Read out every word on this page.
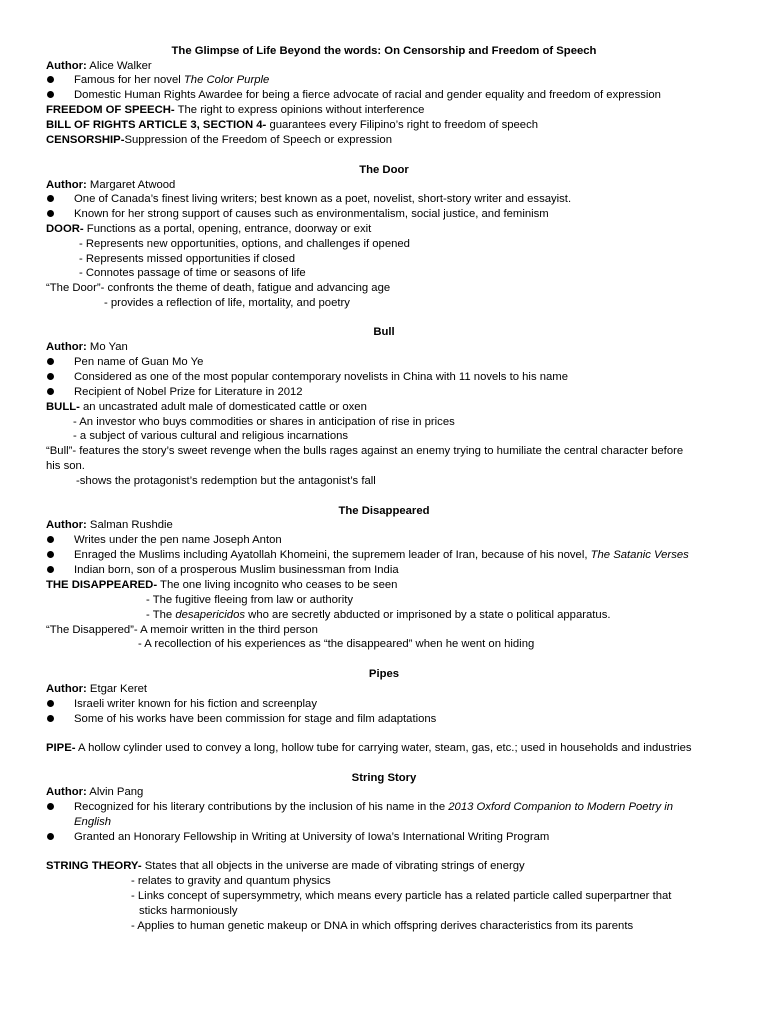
The Glimpse of Life Beyond the words: On Censorship and Freedom of Speech
Author: Alice Walker
Famous for her novel The Color Purple
Domestic Human Rights Awardee for being a fierce advocate of racial and gender equality and freedom of expression
FREEDOM OF SPEECH- The right to express opinions without interference
BILL OF RIGHTS ARTICLE 3, SECTION 4- guarantees every Filipino’s right to freedom of speech
CENSORSHIP-Suppression of the Freedom of Speech or expression
The Door
Author: Margaret Atwood
One of Canada’s finest living writers; best known as a poet, novelist, short-story writer and essayist.
Known for her strong support of causes such as environmentalism, social justice, and feminism
DOOR- Functions as a portal, opening, entrance, doorway or exit
- Represents new opportunities, options, and challenges if opened
- Represents missed opportunities if closed
- Connotes passage of time or seasons of life
“The Door”- confronts the theme of death, fatigue and advancing age
- provides a reflection of life, mortality, and poetry
Bull
Author: Mo Yan
Pen name of Guan Mo Ye
Considered as one of the most popular contemporary novelists in China with 11 novels to his name
Recipient of Nobel Prize for Literature in 2012
BULL- an uncastrated adult male of domesticated cattle or oxen
- An investor who buys commodities or shares in anticipation of rise in prices
- a subject of various cultural and religious incarnations
“Bull”- features the story’s sweet revenge when the bulls rages against an enemy trying to humiliate the central character before
his son.
-shows the protagonist’s redemption but the antagonist’s fall
The Disappeared
Author: Salman Rushdie
Writes under the pen name Joseph Anton
Enraged the Muslims including Ayatollah Khomeini, the supremem leader of Iran, because of his novel, The Satanic Verses
Indian born, son of a prosperous Muslim businessman from India
THE DISAPPEARED- The one living incognito who ceases to be seen
- The fugitive fleeing from law or authority
- The desapericidos who are secretly abducted or imprisoned by a state o political apparatus.
“The Disappered”- A memoir written in the third person
- A recollection of his experiences as “the disappeared” when he went on hiding
Pipes
Author: Etgar Keret
Israeli writer known for his fiction and screenplay
Some of his works have been commission for stage and film adaptations
PIPE- A hollow cylinder used to convey a long, hollow tube for carrying water, steam, gas, etc.; used in households and industries
String Story
Author: Alvin Pang
Recognized for his literary contributions by the inclusion of his name in the 2013 Oxford Companion to Modern Poetry in
English
Granted an Honorary Fellowship in Writing at University of Iowa’s International Writing Program
STRING THEORY- States that all objects in the universe are made of vibrating strings of energy
- relates to gravity and quantum physics
- Links concept of supersymmetry, which means every particle has a related particle called superpartner that
sticks harmoniously
- Applies to human genetic makeup or DNA in which offspring derives characteristics from its parents
